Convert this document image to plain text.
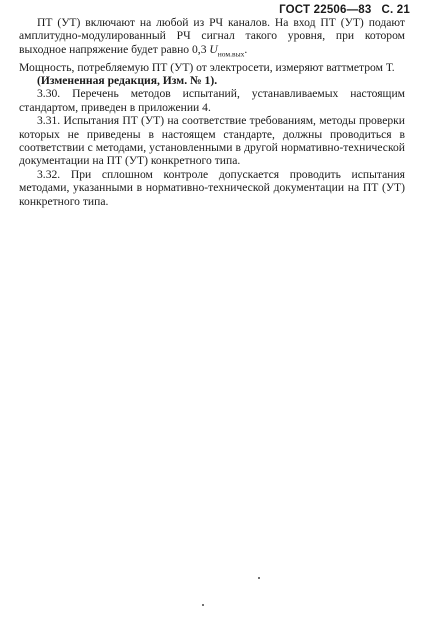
ГОСТ 22506—83 С. 21

ПТ (УТ) включают на любой из РЧ каналов. На вход ПТ (УТ) подают амплитудно-модулированный РЧ сигнал такого уровня, при котором выходное напряжение будет равно 0,3 $U_{ном.вых}$.

Мощность, потребляемую ПТ (УТ) от электросети, измеряют ваттметром Т.

(Измененная редакция, Изм. № 1).

3.30. Перечень методов испытаний, устанавливаемых настоящим стандартом, приведен в приложении 4.

3.31. Испытания ПТ (УТ) на соответствие требованиям, методы проверки которых не приведены в настоящем стандарте, должны проводиться в соответствии с методами, установленными в другой нормативно-технической документации на ПТ (УТ) конкретного типа.

3.32. При сплошном контроле допускается проводить испытания методами, указанными в нормативно-технической документации на ПТ (УТ) конкретного типа.
